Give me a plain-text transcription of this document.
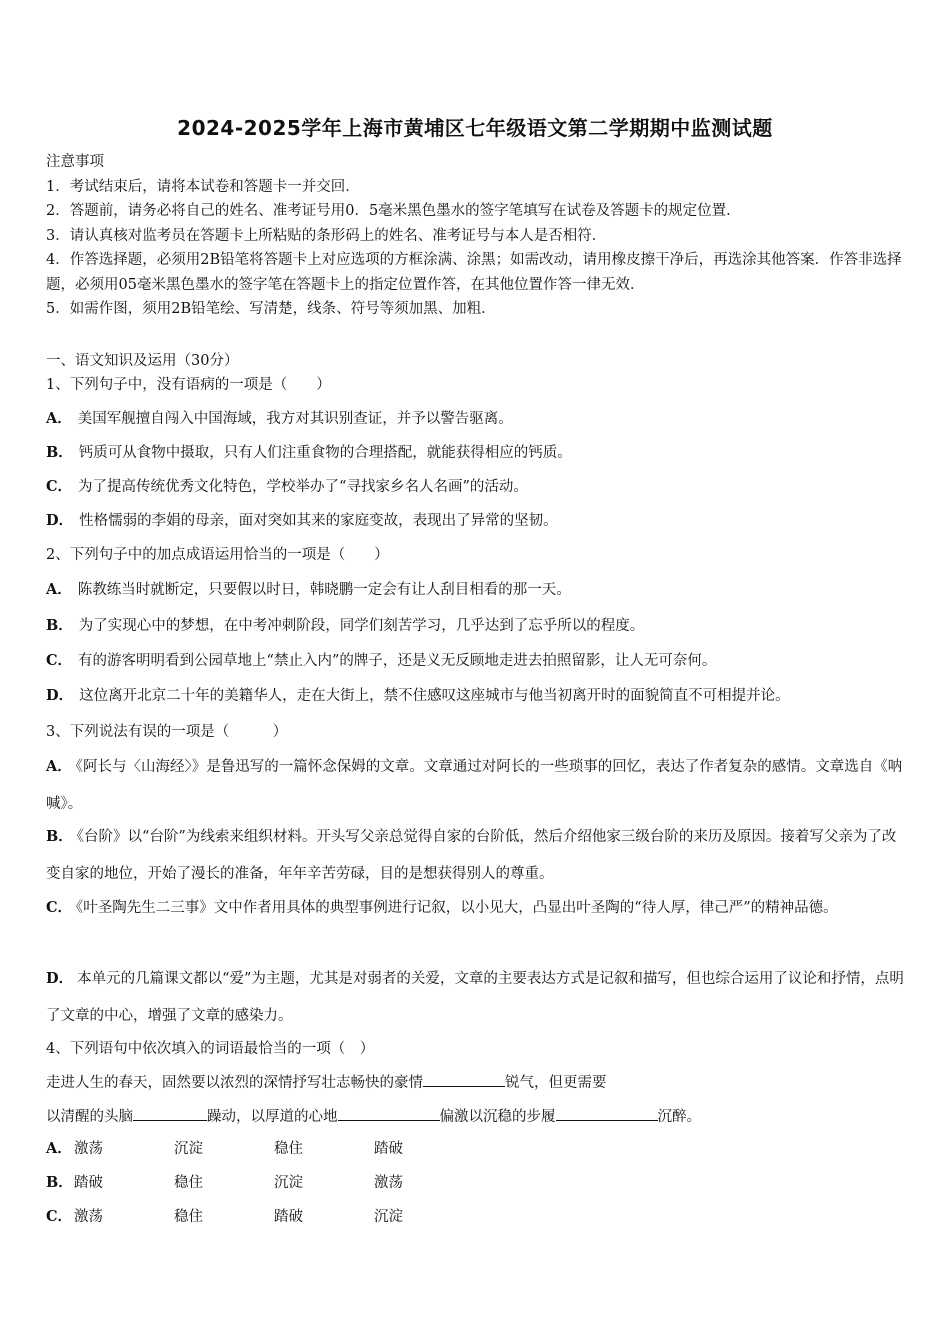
2024-2025学年上海市黄埔区七年级语文第二学期期中监测试题
注意事项
1．考试结束后，请将本试卷和答题卡一并交回．
2．答题前，请务必将自己的姓名、准考证号用0．5毫米黑色墨水的签字笔填写在试卷及答题卡的规定位置．
3．请认真核对监考员在答题卡上所粘贴的条形码上的姓名、准考证号与本人是否相符．
4．作答选择题，必须用2B铅笔将答题卡上对应选项的方框涂满、涂黑；如需改动，请用橡皮擦干净后，再选涂其他答案．作答非选择题，必须用05毫米黑色墨水的签字笔在答题卡上的指定位置作答，在其他位置作答一律无效．
5．如需作图，须用2B铅笔绘、写清楚，线条、符号等须加黑、加粗．
一、语文知识及运用（30分）
1、下列句子中，没有语病的一项是（　　）
A． 美国军舰擅自闯入中国海域，我方对其识别查证，并予以警告驱离。
B． 钙质可从食物中摄取，只有人们注重食物的合理搭配，就能获得相应的钙质。
C． 为了提高传统优秀文化特色，学校举办了“寻找家乡名人名画”的活动。
D． 性格懦弱的李娟的母亲，面对突如其来的家庭变故，表现出了异常的坚韧。
2、下列句子中的加点成语运用恰当的一项是（　　）
A． 陈教练当时就断定，只要假以时日，韩晓鹏一定会有让人刮目相看的那一天。
B． 为了实现心中的梦想，在中考冲刺阶段，同学们刻苦学习，几乎达到了忘乎所以的程度。
C． 有的游客明明看到公园草地上“禁止入内”的牌子，还是义无反顾地走进去拍照留影，让人无可奈何。
D． 这位离开北京二十年的美籍华人，走在大街上，禁不住感叹这座城市与他当初离开时的面貌简直不可相提并论。
3、下列说法有误的一项是（　　　）
A． 《阿长与〈山海经〉》是鲁迅写的一篇怀念保姆的文章。文章通过对阿长的一些琐事的回忆，表达了作者复杂的感情。文章选自《呐喊》。
B． 《台阶》以“台阶”为线索来组织材料。开头写父亲总觉得自家的台阶低，然后介绍他家三级台阶的来历及原因。接着写父亲为了改变自家的地位，开始了漫长的准备，年年辛苦劳碌，目的是想获得别人的尊重。
C． 《叶圣陶先生二三事》文中作者用具体的典型事例进行记叙，以小见大，凸显出叶圣陶的“待人厚，律己严”的精神品德。
D． 本单元的几篇课文都以“爱”为主题，尤其是对弱者的关爱，文章的主要表达方式是记叙和描写，但也综合运用了议论和抒情，点明了文章的中心，增强了文章的感染力。
4、下列语句中依次填入的词语最恰当的一项（　）
走进人生的春天，固然要以浓烈的深情抒写壮志畅快的豪情	锐气，但更需要
以清醒的头脑	躁动，以厚道的心地	偏激以沉稳的步履	沉醉。
A． 激荡	沉淀	稳住	踏破
B．踏破	稳住	沉淀	激荡
C． 激荡	稳住	踏破	沉淀
